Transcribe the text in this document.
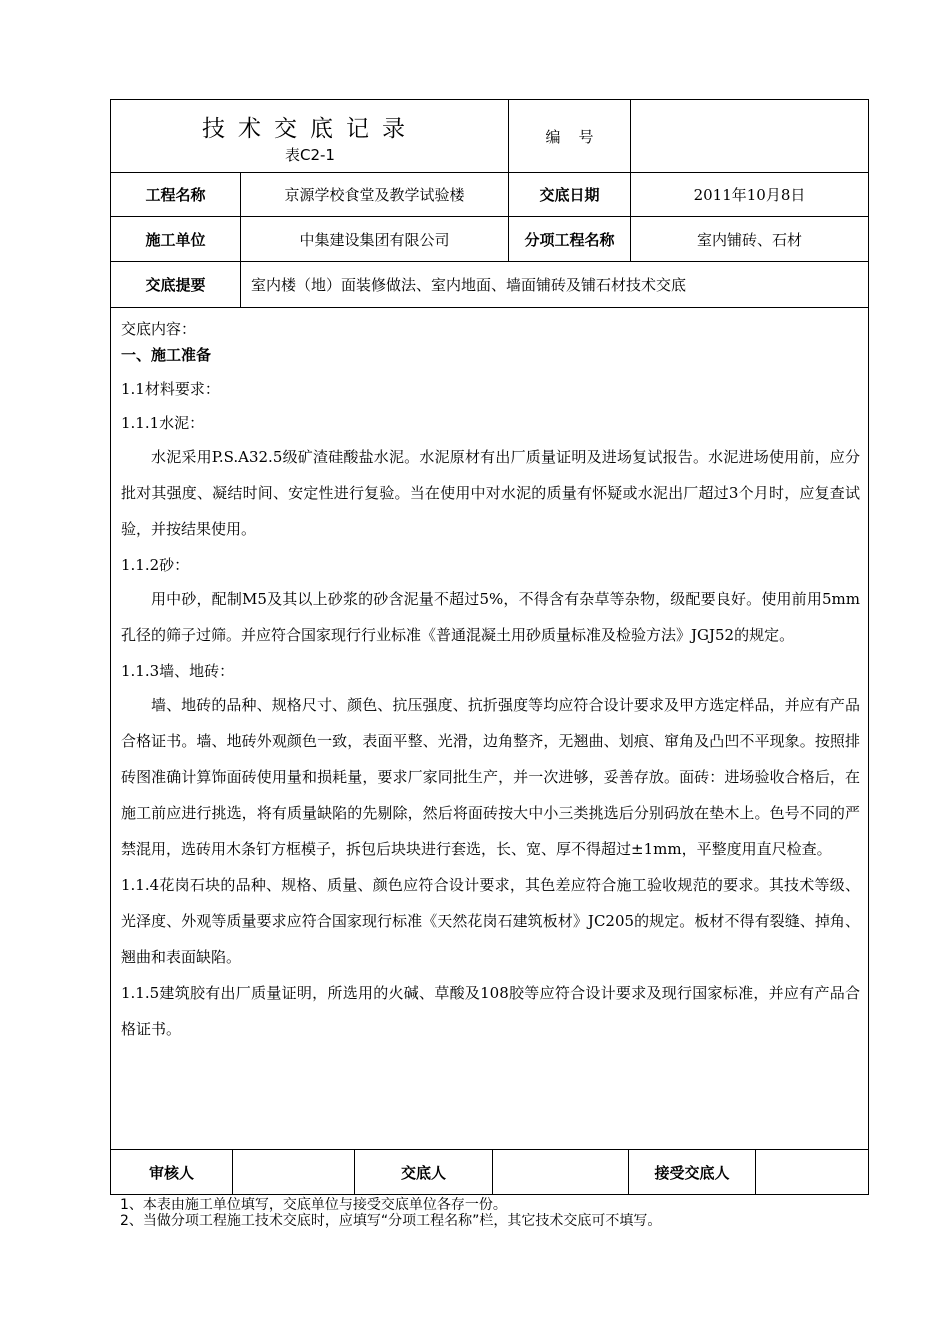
技术交底记录
表C2-1
编号
工程名称	京源学校食堂及教学试验楼	交底日期	2011年10月8日
施工单位	中集建设集团有限公司	分项工程名称	室内铺砖、石材
交底提要	室内楼（地）面装修做法、室内地面、墙面铺砖及铺石材技术交底
交底内容：
一、施工准备
1.1材料要求：
1.1.1水泥：
水泥采用P.S.A32.5级矿渣硅酸盐水泥。水泥原材有出厂质量证明及进场复试报告。水泥进场使用前，应分批对其强度、凝结时间、安定性进行复验。当在使用中对水泥的质量有怀疑或水泥出厂超过3个月时，应复查试验，并按结果使用。
1.1.2砂：
用中砂，配制M5及其以上砂浆的砂含泥量不超过5%，不得含有杂草等杂物，级配要良好。使用前用5mm孔径的筛子过筛。并应符合国家现行行业标准《普通混凝土用砂质量标准及检验方法》JGJ52的规定。
1.1.3墙、地砖：
墙、地砖的品种、规格尺寸、颜色、抗压强度、抗折强度等均应符合设计要求及甲方选定样品，并应有产品合格证书。墙、地砖外观颜色一致，表面平整、光滑，边角整齐，无翘曲、划痕、窜角及凸凹不平现象。按照排砖图准确计算饰面砖使用量和损耗量，要求厂家同批生产，并一次进够，妥善存放。面砖：进场验收合格后，在施工前应进行挑选，将有质量缺陷的先剔除，然后将面砖按大中小三类挑选后分别码放在垫木上。色号不同的严禁混用，选砖用木条钉方框模子，拆包后块块进行套选，长、宽、厚不得超过±1mm，平整度用直尺检查。
1.1.4花岗石块的品种、规格、质量、颜色应符合设计要求，其色差应符合施工验收规范的要求。其技术等级、光泽度、外观等质量要求应符合国家现行标准《天然花岗石建筑板材》JC205的规定。板材不得有裂缝、掉角、翘曲和表面缺陷。
1.1.5建筑胶有出厂质量证明，所选用的火碱、草酸及108胶等应符合设计要求及现行国家标准，并应有产品合格证书。
审核人	交底人	接受交底人
1、本表由施工单位填写，交底单位与接受交底单位各存一份。
2、当做分项工程施工技术交底时，应填写“分项工程名称”栏，其它技术交底可不填写。
